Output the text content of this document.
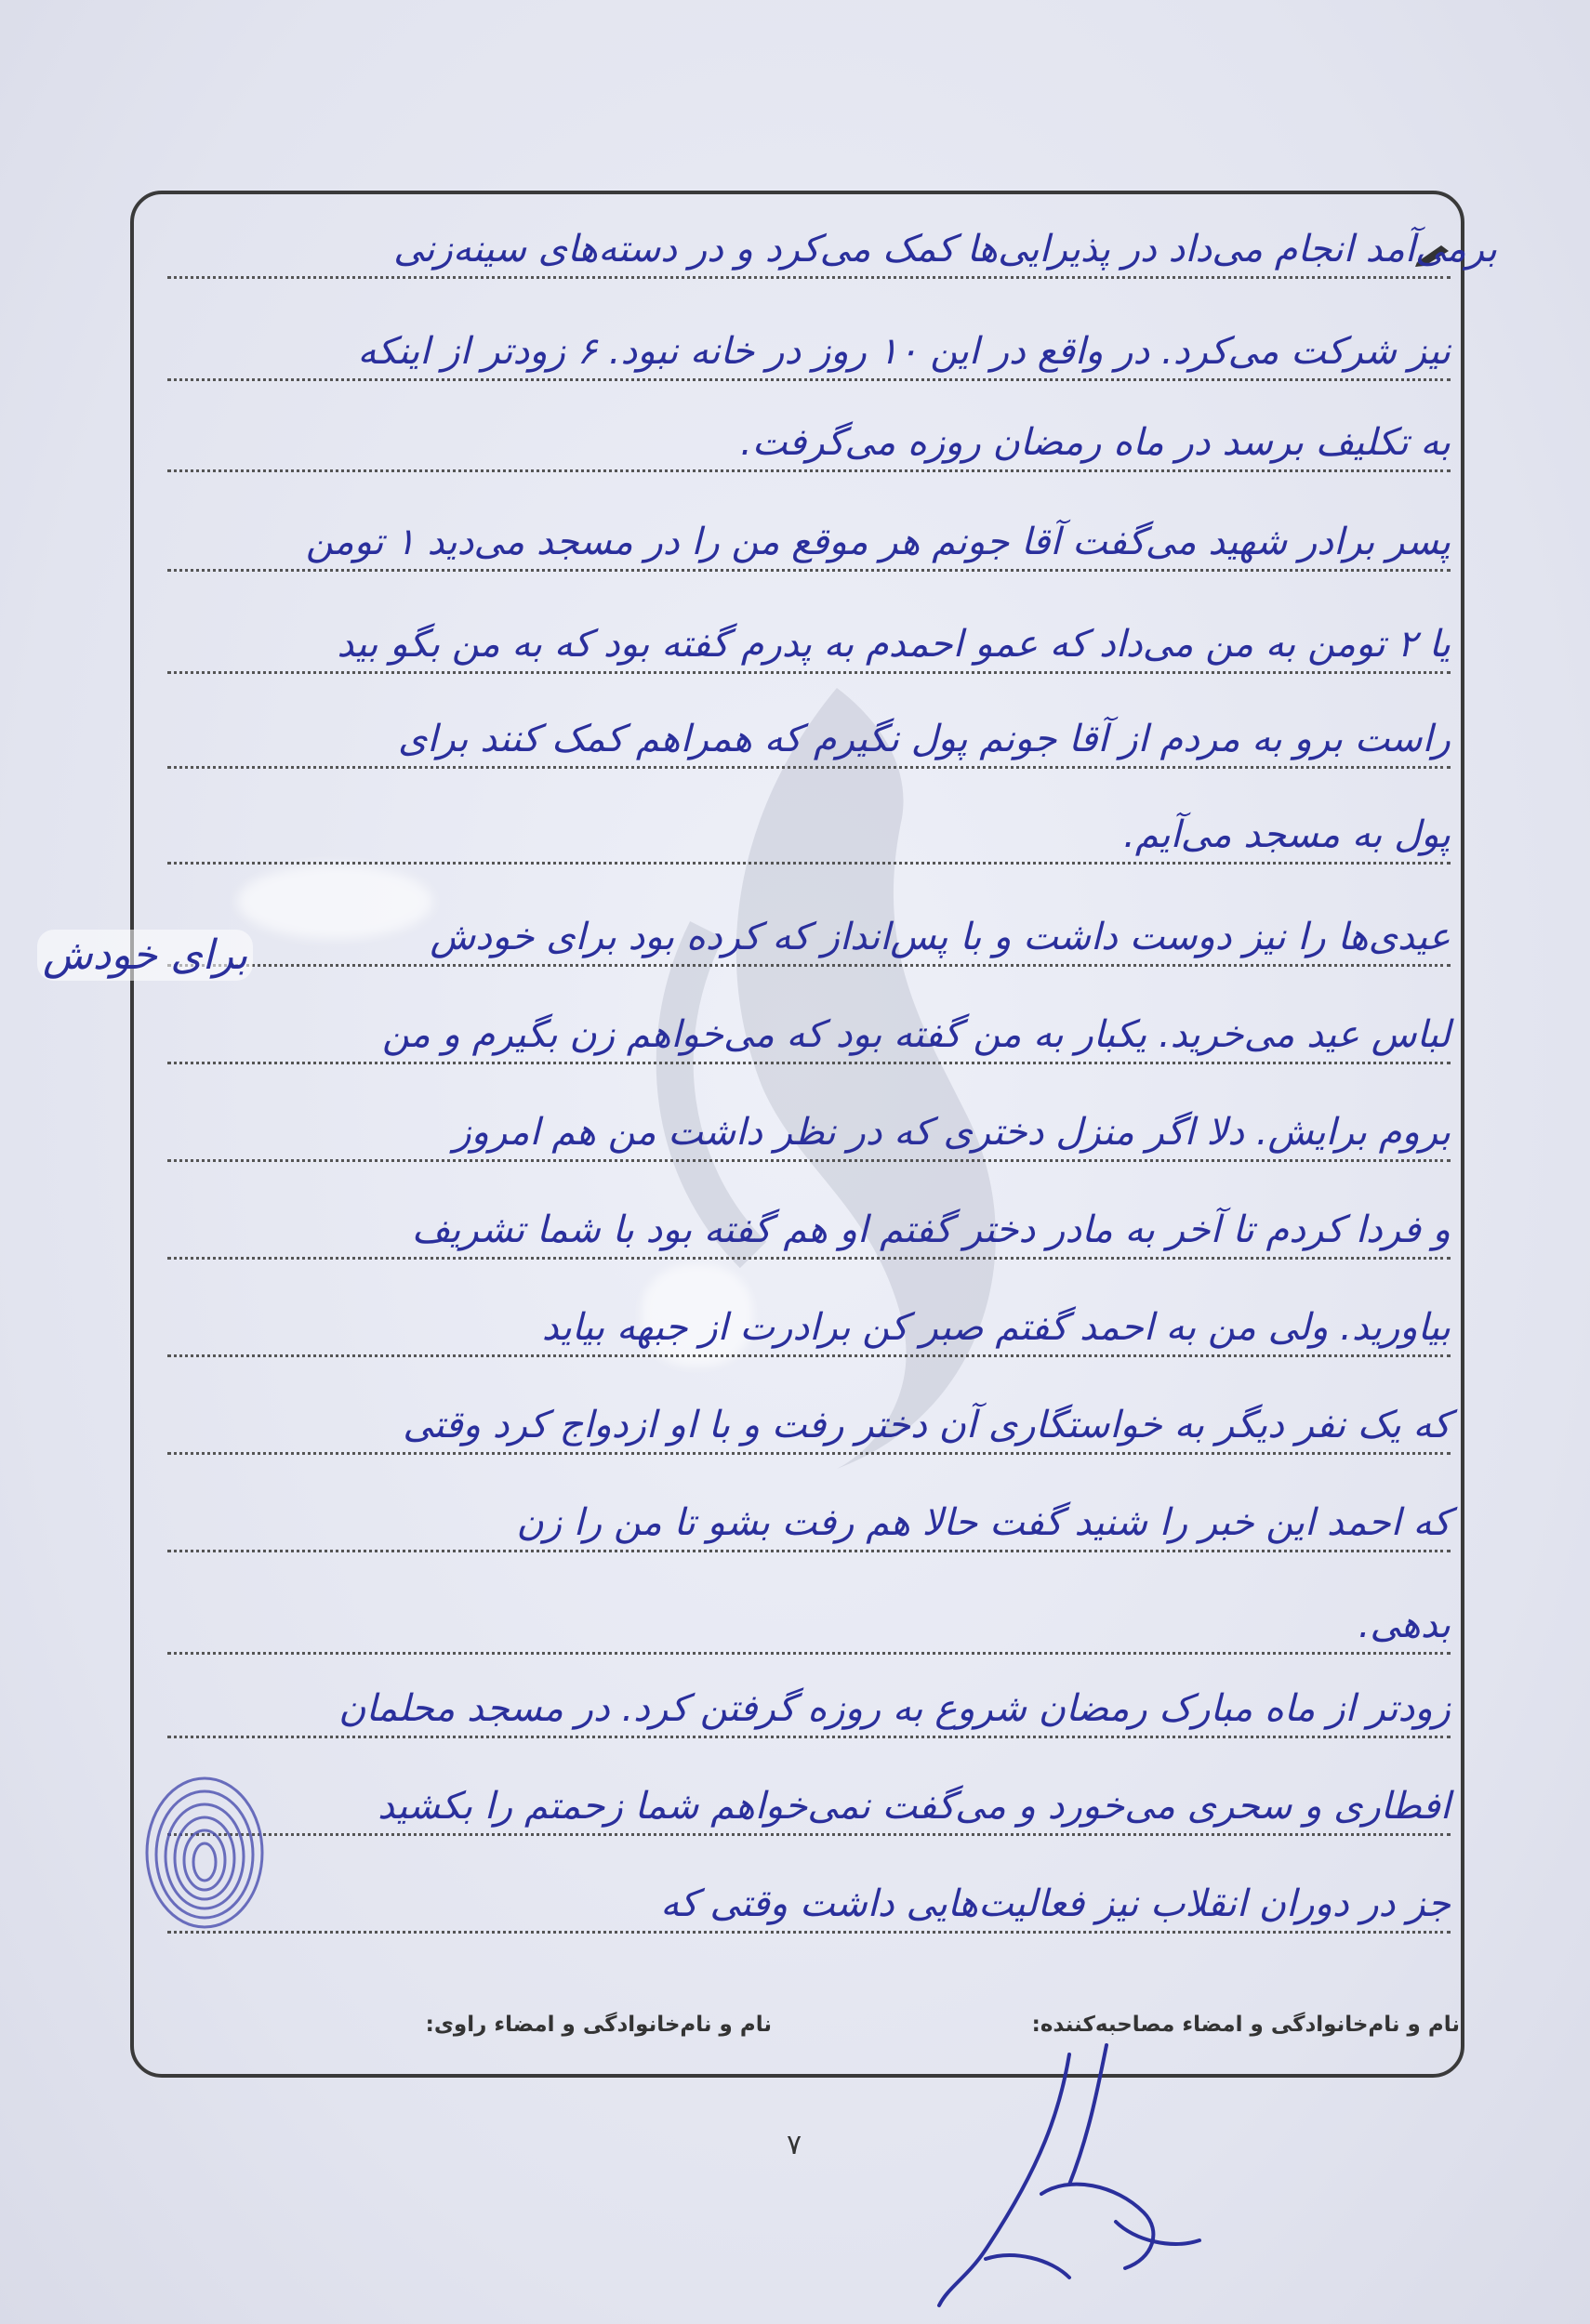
برمی‌آمد انجام می‌داد در پذیرایی‌ها کمک می‌کرد و در دسته‌های سینه‌زنی
نیز شرکت می‌کرد. در واقع در این ۱۰ روز در خانه نبود. ۶ زودتر از اینکه
به تکلیف برسد در ماه رمضان روزه می‌گرفت.
پسر برادر شهید می‌گفت آقا جونم هر موقع من را در مسجد می‌دید ۱ تومن
یا ۲ تومن به من می‌داد که عمو احمدم به پدرم گفته بود که به من بگو بید
راست برو به مردم از آقا جونم پول نگیرم که همراهم کمک کنند برای
پول به مسجد می‌آیم.
عیدی‌ها را نیز دوست داشت و با پس‌انداز که کرده بود برای خودش
لباس عید می‌خرید. یکبار به من گفته بود که می‌خواهم زن بگیرم و من
بروم برایش. دلا اگر منزل دختری که در نظر داشت من هم امروز
و فردا کردم تا آخر به مادر دختر گفتم او هم گفته بود با شما تشریف
بیاورید. ولی من به احمد گفتم صبر کن برادرت از جبهه بیاید
که یک نفر دیگر به خواستگاری آن دختر رفت و با او ازدواج کرد وقتی
که احمد این خبر را شنید گفت حالا هم رفت بشو تا من را زن
بدهی.
زودتر از ماه مبارک رمضان شروع به روزه گرفتن کرد. در مسجد محلمان
افطاری و سحری می‌خورد و می‌گفت نمی‌خواهم شما زحمتم را بکشید
جز در دوران انقلاب نیز فعالیت‌هایی داشت وقتی که
برای خودش
نام و نام‌خانوادگی و امضاء مصاحبه‌کننده:
نام و نام‌خانوادگی و امضاء راوی:
۷
